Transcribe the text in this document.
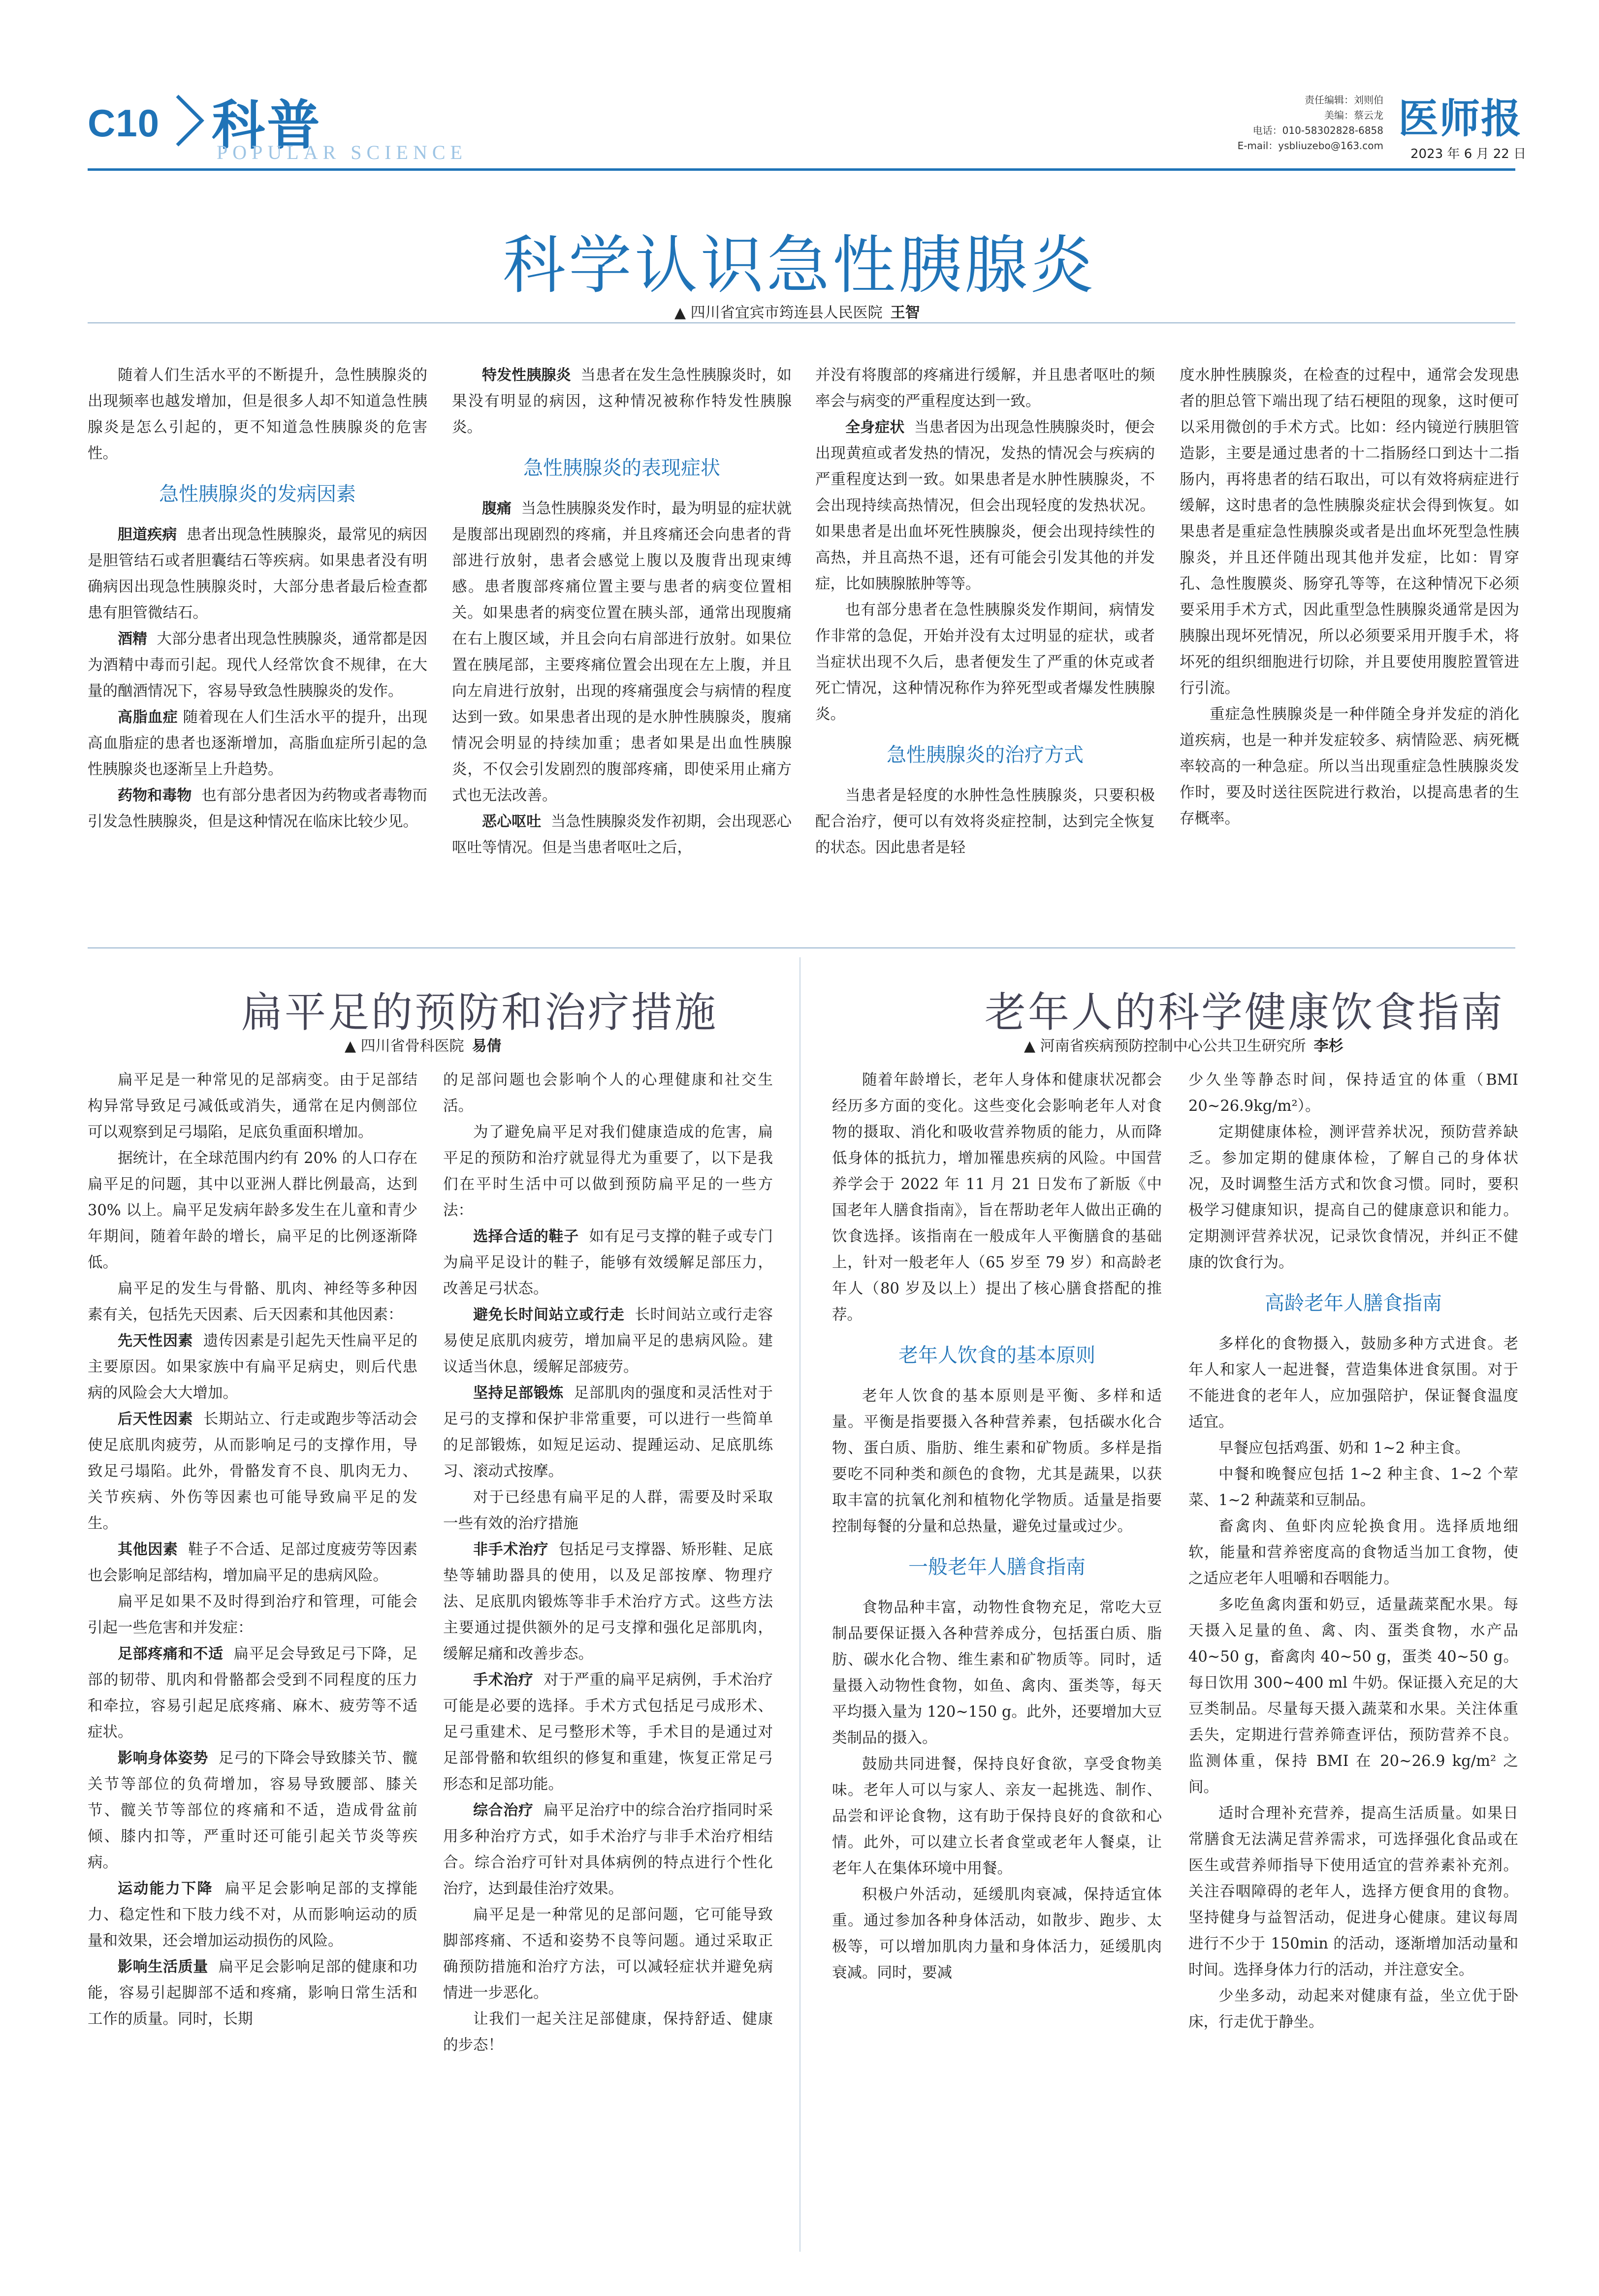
C10 科普
POPULAR SCIENCE
责任编辑：刘则伯
美编：蔡云龙
电话：010-58302828-6858
E-mail：ysbliuzebo@163.com
医师报
2023 年 6 月 22 日
科学认识急性胰腺炎
▲ 四川省宜宾市筠连县人民医院 王智

随着人们生活水平的不断提升，急性胰腺炎的出现频率也越发增加，但是很多人却不知道急性胰腺炎是怎么引起的，更不知道急性胰腺炎的危害性。

急性胰腺炎的发病因素

胆道疾病 患者出现急性胰腺炎，最常见的病因是胆管结石或者胆囊结石等疾病。如果患者没有明确病因出现急性胰腺炎时，大部分患者最后检查都患有胆管微结石。

酒精 大部分患者出现急性胰腺炎，通常都是因为酒精中毒而引起。现代人经常饮食不规律，在大量的酗酒情况下，容易导致急性胰腺炎的发作。

高脂血症 随着现在人们生活水平的提升，出现高血脂症的患者也逐渐增加，高脂血症所引起的急性胰腺炎也逐渐呈上升趋势。

药物和毒物 也有部分患者因为药物或者毒物而引发急性胰腺炎，但是这种情况在临床比较少见。

特发性胰腺炎 当患者在发生急性胰腺炎时，如果没有明显的病因，这种情况被称作特发性胰腺炎。

急性胰腺炎的表现症状

腹痛 当急性胰腺炎发作时，最为明显的症状就是腹部出现剧烈的疼痛，并且疼痛还会向患者的背部进行放射，患者会感觉上腹以及腹背出现束缚感。患者腹部疼痛位置主要与患者的病变位置相关。如果患者的病变位置在胰头部，通常出现腹痛在右上腹区域，并且会向右肩部进行放射。如果位置在胰尾部，主要疼痛位置会出现在左上腹，并且向左肩进行放射，出现的疼痛强度会与病情的程度达到一致。如果患者出现的是水肿性胰腺炎，腹痛情况会明显的持续加重；患者如果是出血性胰腺炎，不仅会引发剧烈的腹部疼痛，即使采用止痛方式也无法改善。

恶心呕吐 当急性胰腺炎发作初期，会出现恶心呕吐等情况。但是当患者呕吐之后，

并没有将腹部的疼痛进行缓解，并且患者呕吐的频率会与病变的严重程度达到一致。

全身症状 当患者因为出现急性胰腺炎时，便会出现黄疸或者发热的情况，发热的情况会与疾病的严重程度达到一致。如果患者是水肿性胰腺炎，不会出现持续高热情况，但会出现轻度的发热状况。如果患者是出血坏死性胰腺炎，便会出现持续性的高热，并且高热不退，还有可能会引发其他的并发症，比如胰腺脓肿等等。

也有部分患者在急性胰腺炎发作期间，病情发作非常的急促，开始并没有太过明显的症状，或者当症状出现不久后，患者便发生了严重的休克或者死亡情况，这种情况称作为猝死型或者爆发性胰腺炎。

急性胰腺炎的治疗方式

当患者是轻度的水肿性急性胰腺炎，只要积极配合治疗，便可以有效将炎症控制，达到完全恢复的状态。因此患者是轻

度水肿性胰腺炎，在检查的过程中，通常会发现患者的胆总管下端出现了结石梗阻的现象，这时便可以采用微创的手术方式。比如：经内镜逆行胰胆管造影，主要是通过患者的十二指肠经口到达十二指肠内，再将患者的结石取出，可以有效将病症进行缓解，这时患者的急性胰腺炎症状会得到恢复。如果患者是重症急性胰腺炎或者是出血坏死型急性胰腺炎，并且还伴随出现其他并发症，比如：胃穿孔、急性腹膜炎、肠穿孔等等，在这种情况下必须要采用手术方式，因此重型急性胰腺炎通常是因为胰腺出现坏死情况，所以必须要采用开腹手术，将坏死的组织细胞进行切除，并且要使用腹腔置管进行引流。

重症急性胰腺炎是一种伴随全身并发症的消化道疾病，也是一种并发症较多、病情险恶、病死概率较高的一种急症。所以当出现重症急性胰腺炎发作时，要及时送往医院进行救治，以提高患者的生存概率。

扁平足的预防和治疗措施
▲ 四川省骨科医院 易倩

扁平足是一种常见的足部病变。由于足部结构异常导致足弓减低或消失，通常在足内侧部位可以观察到足弓塌陷，足底负重面积增加。

据统计，在全球范围内约有 20% 的人口存在扁平足的问题，其中以亚洲人群比例最高，达到 30% 以上。扁平足发病年龄多发生在儿童和青少年期间，随着年龄的增长，扁平足的比例逐渐降低。

扁平足的发生与骨骼、肌肉、神经等多种因素有关，包括先天因素、后天因素和其他因素：

先天性因素 遗传因素是引起先天性扁平足的主要原因。如果家族中有扁平足病史，则后代患病的风险会大大增加。

后天性因素 长期站立、行走或跑步等活动会使足底肌肉疲劳，从而影响足弓的支撑作用，导致足弓塌陷。此外，骨骼发育不良、肌肉无力、关节疾病、外伤等因素也可能导致扁平足的发生。

其他因素 鞋子不合适、足部过度疲劳等因素也会影响足部结构，增加扁平足的患病风险。

扁平足如果不及时得到治疗和管理，可能会引起一些危害和并发症：

足部疼痛和不适 扁平足会导致足弓下降，足部的韧带、肌肉和骨骼都会受到不同程度的压力和牵拉，容易引起足底疼痛、麻木、疲劳等不适症状。

影响身体姿势 足弓的下降会导致膝关节、髋关节等部位的负荷增加，容易导致腰部、膝关节、髋关节等部位的疼痛和不适，造成骨盆前倾、膝内扣等，严重时还可能引起关节炎等疾病。

运动能力下降 扁平足会影响足部的支撑能力、稳定性和下肢力线不对，从而影响运动的质量和效果，还会增加运动损伤的风险。

影响生活质量 扁平足会影响足部的健康和功能，容易引起脚部不适和疼痛，影响日常生活和工作的质量。同时，长期

的足部问题也会影响个人的心理健康和社交生活。

为了避免扁平足对我们健康造成的危害，扁平足的预防和治疗就显得尤为重要了，以下是我们在平时生活中可以做到预防扁平足的一些方法：

选择合适的鞋子 如有足弓支撑的鞋子或专门为扁平足设计的鞋子，能够有效缓解足部压力，改善足弓状态。

避免长时间站立或行走 长时间站立或行走容易使足底肌肉疲劳，增加扁平足的患病风险。建议适当休息，缓解足部疲劳。

坚持足部锻炼 足部肌肉的强度和灵活性对于足弓的支撑和保护非常重要，可以进行一些简单的足部锻炼，如短足运动、提踵运动、足底肌练习、滚动式按摩。

对于已经患有扁平足的人群，需要及时采取一些有效的治疗措施

非手术治疗 包括足弓支撑器、矫形鞋、足底垫等辅助器具的使用，以及足部按摩、物理疗法、足底肌肉锻炼等非手术治疗方式。这些方法主要通过提供额外的足弓支撑和强化足部肌肉，缓解足痛和改善步态。

手术治疗 对于严重的扁平足病例，手术治疗可能是必要的选择。手术方式包括足弓成形术、足弓重建术、足弓整形术等，手术目的是通过对足部骨骼和软组织的修复和重建，恢复正常足弓形态和足部功能。

综合治疗 扁平足治疗中的综合治疗指同时采用多种治疗方式，如手术治疗与非手术治疗相结合。综合治疗可针对具体病例的特点进行个性化治疗，达到最佳治疗效果。

扁平足是一种常见的足部问题，它可能导致脚部疼痛、不适和姿势不良等问题。通过采取正确预防措施和治疗方法，可以减轻症状并避免病情进一步恶化。

让我们一起关注足部健康，保持舒适、健康的步态！

老年人的科学健康饮食指南
▲ 河南省疾病预防控制中心公共卫生研究所 李杉

随着年龄增长，老年人身体和健康状况都会经历多方面的变化。这些变化会影响老年人对食物的摄取、消化和吸收营养物质的能力，从而降低身体的抵抗力，增加罹患疾病的风险。中国营养学会于 2022 年 11 月 21 日发布了新版《中国老年人膳食指南》，旨在帮助老年人做出正确的饮食选择。该指南在一般成年人平衡膳食的基础上，针对一般老年人（65 岁至 79 岁）和高龄老年人（80 岁及以上）提出了核心膳食搭配的推荐。

老年人饮食的基本原则

老年人饮食的基本原则是平衡、多样和适量。平衡是指要摄入各种营养素，包括碳水化合物、蛋白质、脂肪、维生素和矿物质。多样是指要吃不同种类和颜色的食物，尤其是蔬果，以获取丰富的抗氧化剂和植物化学物质。适量是指要控制每餐的分量和总热量，避免过量或过少。

一般老年人膳食指南

食物品种丰富，动物性食物充足，常吃大豆制品要保证摄入各种营养成分，包括蛋白质、脂肪、碳水化合物、维生素和矿物质等。同时，适量摄入动物性食物，如鱼、禽肉、蛋类等，每天平均摄入量为 120~150 g。此外，还要增加大豆类制品的摄入。

鼓励共同进餐，保持良好食欲，享受食物美味。老年人可以与家人、亲友一起挑选、制作、品尝和评论食物，这有助于保持良好的食欲和心情。此外，可以建立长者食堂或老年人餐桌，让老年人在集体环境中用餐。

积极户外活动，延缓肌肉衰减，保持适宜体重。通过参加各种身体活动，如散步、跑步、太极等，可以增加肌肉力量和身体活力，延缓肌肉衰减。同时，要减

少久坐等静态时间，保持适宜的体重（BMI 20~26.9kg/m²）。

定期健康体检，测评营养状况，预防营养缺乏。参加定期的健康体检，了解自己的身体状况，及时调整生活方式和饮食习惯。同时，要积极学习健康知识，提高自己的健康意识和能力。定期测评营养状况，记录饮食情况，并纠正不健康的饮食行为。

高龄老年人膳食指南

多样化的食物摄入，鼓励多种方式进食。老年人和家人一起进餐，营造集体进食氛围。对于不能进食的老年人，应加强陪护，保证餐食温度适宜。

早餐应包括鸡蛋、奶和 1~2 种主食。

中餐和晚餐应包括 1~2 种主食、1~2 个荤菜、1~2 种蔬菜和豆制品。

畜禽肉、鱼虾肉应轮换食用。选择质地细软，能量和营养密度高的食物适当加工食物，使之适应老年人咀嚼和吞咽能力。

多吃鱼禽肉蛋和奶豆，适量蔬菜配水果。每天摄入足量的鱼、禽、肉、蛋类食物，水产品 40~50 g，畜禽肉 40~50 g，蛋类 40~50 g。每日饮用 300~400 ml 牛奶。保证摄入充足的大豆类制品。尽量每天摄入蔬菜和水果。关注体重丢失，定期进行营养筛查评估，预防营养不良。监测体重，保持 BMI 在 20~26.9 kg/m² 之间。

适时合理补充营养，提高生活质量。如果日常膳食无法满足营养需求，可选择强化食品或在医生或营养师指导下使用适宜的营养素补充剂。关注吞咽障碍的老年人，选择方便食用的食物。坚持健身与益智活动，促进身心健康。建议每周进行不少于 150min 的活动，逐渐增加活动量和时间。选择身体力行的活动，并注意安全。

少坐多动，动起来对健康有益，坐立优于卧床，行走优于静坐。
